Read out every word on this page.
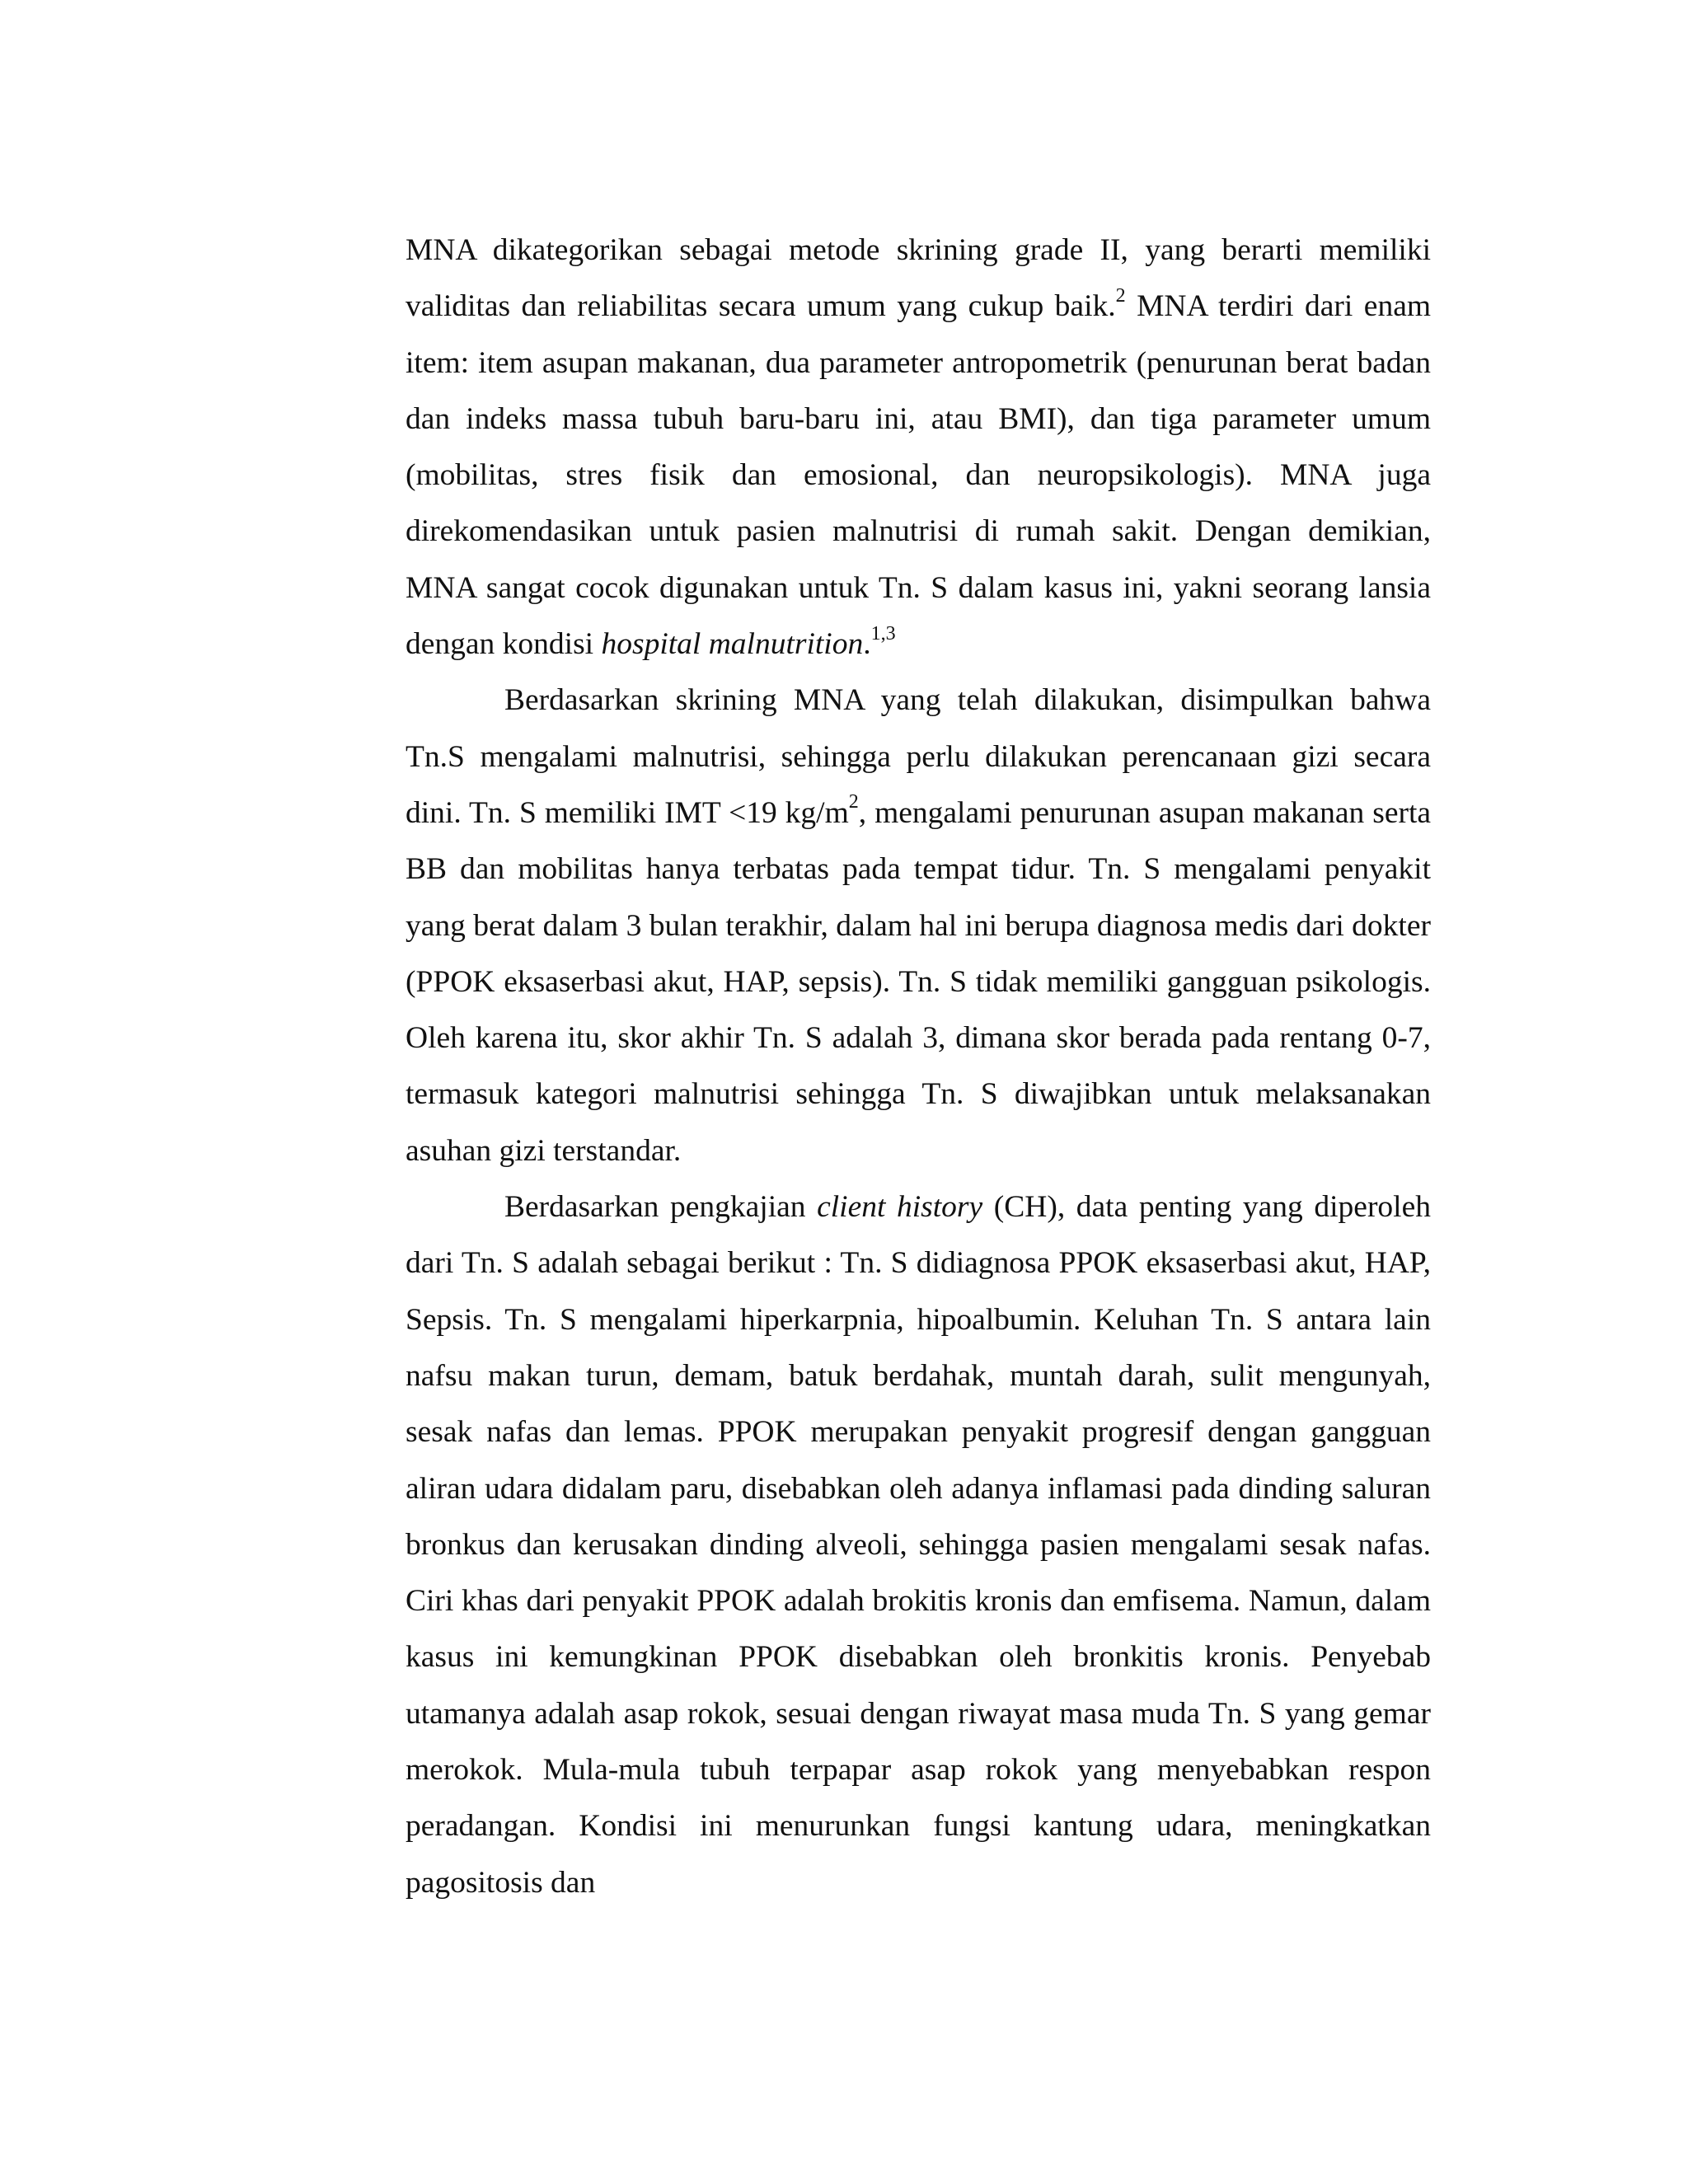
MNA dikategorikan sebagai metode skrining grade II, yang berarti memiliki validitas dan reliabilitas secara umum yang cukup baik.$^2$ MNA terdiri dari enam item: item asupan makanan, dua parameter antropometrik (penurunan berat badan dan indeks massa tubuh baru-baru ini, atau BMI), dan tiga parameter umum (mobilitas, stres fisik dan emosional, dan neuropsikologis). MNA juga direkomendasikan untuk pasien malnutrisi di rumah sakit. Dengan demikian, MNA sangat cocok digunakan untuk Tn. S dalam kasus ini, yakni seorang lansia dengan kondisi hospital malnutrition.$^{1,3}$

Berdasarkan skrining MNA yang telah dilakukan, disimpulkan bahwa Tn.S mengalami malnutrisi, sehingga perlu dilakukan perencanaan gizi secara dini. Tn. S memiliki IMT <19 $kg/m^2$, mengalami penurunan asupan makanan serta BB dan mobilitas hanya terbatas pada tempat tidur. Tn. S mengalami penyakit yang berat dalam 3 bulan terakhir, dalam hal ini berupa diagnosa medis dari dokter (PPOK eksaserbasi akut, HAP, sepsis). Tn. S tidak memiliki gangguan psikologis. Oleh karena itu, skor akhir Tn. S adalah 3, dimana skor berada pada rentang 0-7, termasuk kategori malnutrisi sehingga Tn. S diwajibkan untuk melaksanakan asuhan gizi terstandar.

Berdasarkan pengkajian client history (CH), data penting yang diperoleh dari Tn. S adalah sebagai berikut : Tn. S didiagnosa PPOK eksaserbasi akut, HAP, Sepsis. Tn. S mengalami hiperkarpnia, hipoalbumin. Keluhan Tn. S antara lain nafsu makan turun, demam, batuk berdahak, muntah darah, sulit mengunyah, sesak nafas dan lemas. PPOK merupakan penyakit progresif dengan gangguan aliran udara didalam paru, disebabkan oleh adanya inflamasi pada dinding saluran bronkus dan kerusakan dinding alveoli, sehingga pasien mengalami sesak nafas. Ciri khas dari penyakit PPOK adalah brokitis kronis dan emfisema. Namun, dalam kasus ini kemungkinan PPOK disebabkan oleh bronkitis kronis. Penyebab utamanya adalah asap rokok, sesuai dengan riwayat masa muda Tn. S yang gemar merokok. Mula-mula tubuh terpapar asap rokok yang menyebabkan respon peradangan. Kondisi ini menurunkan fungsi kantung udara, meningkatkan pagositosis dan
